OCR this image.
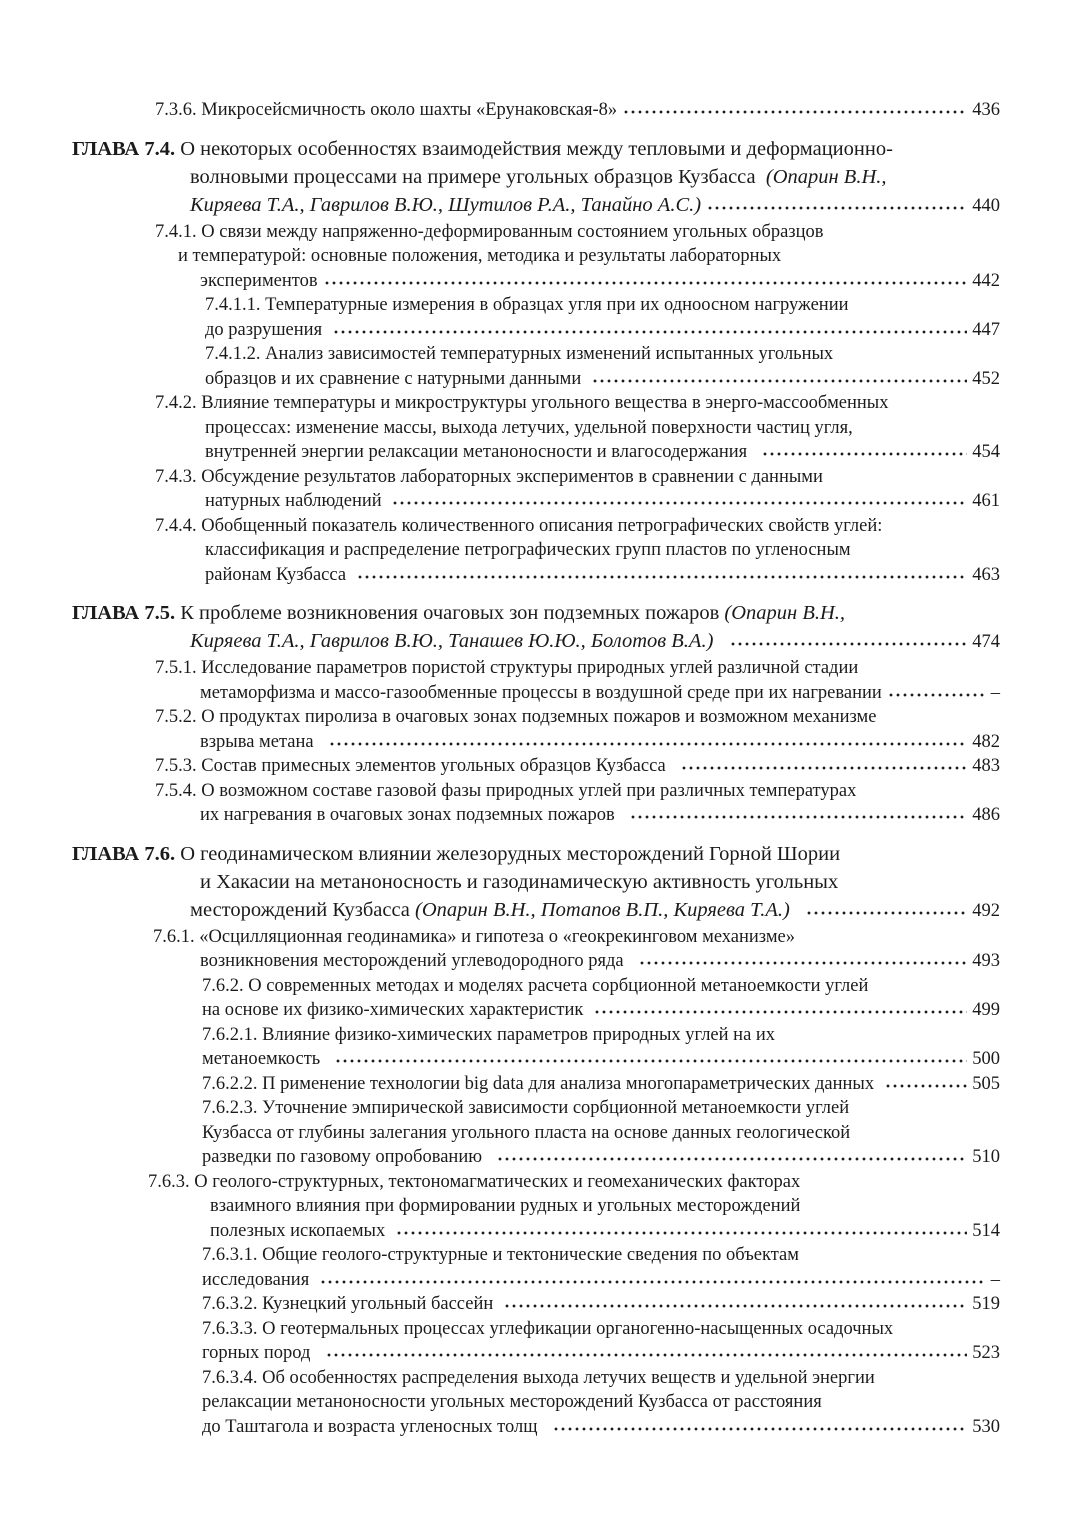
7.3.6. Микросейсмичность около шахты «Ерунаковская-8»	436
ГЛАВА 7.4. О некоторых особенностях взаимодействия между тепловыми и деформационно-
волновыми процессами на примере угольных образцов Кузбасса  (Опарин В.Н.,
Киряева Т.А., Гаврилов В.Ю., Шутилов Р.А., Танайно А.С.)	440
7.4.1. О связи между напряженно-деформированным состоянием угольных образцов
и температурой: основные положения, методика и результаты лабораторных
экспериментов	442
7.4.1.1. Температурные измерения в образцах угля при их одноосном нагружении
до разрушения	447
7.4.1.2. Анализ зависимостей температурных изменений испытанных угольных
образцов и их сравнение с натурными данными	452
7.4.2. Влияние температуры и микроструктуры угольного вещества в энерго-массообменных
процессах: изменение массы, выхода летучих, удельной поверхности частиц угля,
внутренней энергии релаксации метаноносности и влагосодержания	454
7.4.3. Обсуждение результатов лабораторных экспериментов в сравнении с данными
натурных наблюдений	461
7.4.4. Обобщенный показатель количественного описания петрографических свойств углей:
классификация и распределение петрографических групп пластов по угленосным
районам Кузбасса	463
ГЛАВА 7.5. К проблеме возникновения очаговых зон подземных пожаров (Опарин В.Н.,
Киряева Т.А., Гаврилов В.Ю., Танашев Ю.Ю., Болотов В.А.)	474
7.5.1. Исследование параметров пористой структуры природных углей различной стадии
метаморфизма и массо-газообменные процессы в воздушной среде при их нагревании	–
7.5.2. О продуктах пиролиза в очаговых зонах подземных пожаров и возможном механизме
взрыва метана	482
7.5.3. Состав примесных элементов угольных образцов Кузбасса	483
7.5.4. О возможном составе газовой фазы природных углей при различных температурах
их нагревания в очаговых зонах подземных пожаров	486
ГЛАВА 7.6. О геодинамическом влиянии железорудных месторождений Горной Шории
и Хакасии на метаноносность и газодинамическую активность угольных
месторождений Кузбасса (Опарин В.Н., Потапов В.П., Киряева Т.А.)	492
7.6.1. «Осцилляционная геодинамика» и гипотеза о «геокрекинговом механизме»
возникновения месторождений углеводородного ряда	493
7.6.2. О современных методах и моделях расчета сорбционной метаноемкости углей
на основе их физико-химических характеристик	499
7.6.2.1. Влияние физико-химических параметров природных углей на их
метаноемкость	500
7.6.2.2. П рименение технологии big data для анализа многопараметрических данных	505
7.6.2.3. Уточнение эмпирической зависимости сорбционной метаноемкости углей
Кузбасса от глубины залегания угольного пласта на основе данных геологической
разведки по газовому опробованию	510
7.6.3. О геолого-структурных, тектономагматических и геомеханических факторах
взаимного влияния при формировании рудных и угольных месторождений
полезных ископаемых	514
7.6.3.1. Общие геолого-структурные и тектонические сведения по объектам
исследования	–
7.6.3.2. Кузнецкий угольный бассейн	519
7.6.3.3. О геотермальных процессах углефикации органогенно-насыщенных осадочных
горных пород	523
7.6.3.4. Об особенностях распределения выхода летучих веществ и удельной энергии
релаксации метаноносности угольных месторождений Кузбасса от расстояния
до Таштагола и возраста угленосных толщ	530
